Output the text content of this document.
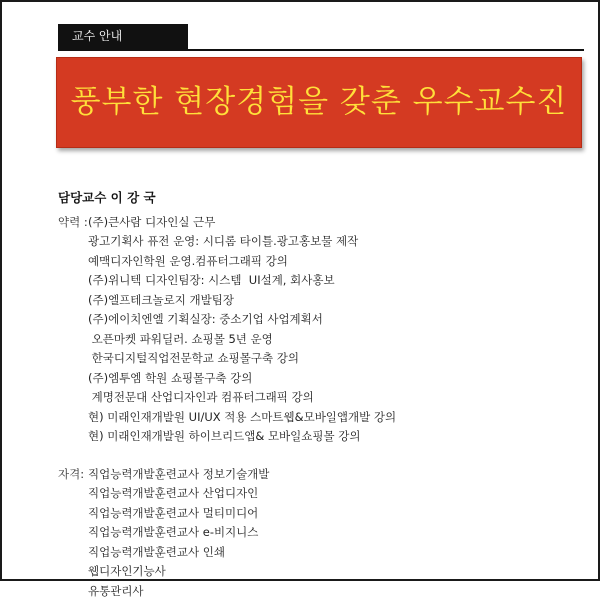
교수 안내
풍부한 현장경험을 갖춘 우수교수진
담당교수 이 강 국
약력 : (주)큰사람 디자인실 근무
광고기획사 퓨전 운영: 시디롬 타이틀.광고홍보물 제작
예맥디자인학원 운영.컴퓨터그래픽 강의
(주)위니텍 디자인팀장: 시스템  UI설계, 회사홍보
(주)엘프테크놀로지 개발팀장
(주)에이치엔엘 기획실장: 중소기업 사업계획서
오픈마켓 파워딜러. 쇼핑몰 5년 운영
한국디지털직업전문학교 쇼핑몰구축 강의
(주)엠투엠 학원 쇼핑몰구축 강의
계명전문대 산업디자인과 컴퓨터그래픽 강의
현) 미래인재개발원 UI/UX 적용 스마트웹&모바일앱개발 강의
현) 미래인재개발원 하이브리드앱& 모바일쇼핑몰 강의
자격: 직업능력개발훈련교사 정보기술개발
직업능력개발훈련교사 산업디자인
직업능력개발훈련교사 멀티미디어
직업능력개발훈련교사 e-비지니스
직업능력개발훈련교사 인쇄
웹디자인기능사
유통관리사
